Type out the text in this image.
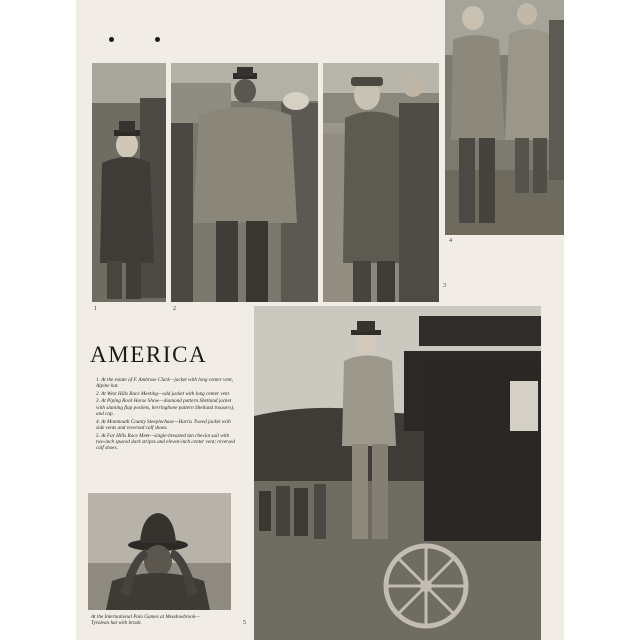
1	2
3
4
5
AMERICA
1. At the estate of F. Ambrose Clark—jacket with long center vent, Alpine hat.
2. At West Hills Race Meeting—odd jacket with long center vent.
3. At Piping Rock Horse Show—diamond pattern Shetland jacket with slanting flap pockets, herringbone pattern Shetland trousers), and cap.
4. At Monmouth County Steeplechase—Harris Tweed jacket with side vents and reversed calf shoes.
5. At Far Hills Race Meet—single-breasted tan cheviot suit with two-inch spaced dark stripes and eleven-inch center vent; reversed calf shoes.
At the International Polo Games at Meadowbrook—Tyrolean hat with brush.
